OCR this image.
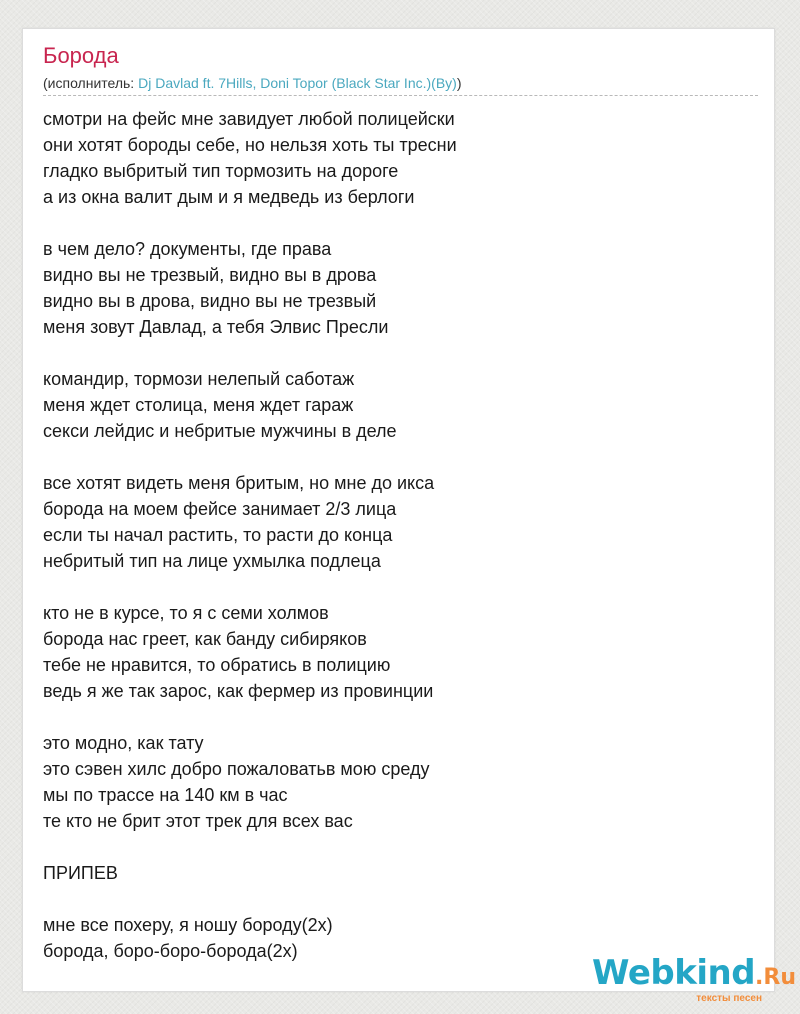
Борода
(исполнитель: Dj Davlad ft. 7Hills, Doni Topor (Black Star Inc.)(By))
смотри на фейс мне завидует любой полицейски
они хотят бороды себе, но нельзя хоть ты тресни
гладко выбритый тип тормозить на дороге
а из окна валит дым и я медведь из берлоги
в чем дело? документы, где права
видно вы не трезвый, видно вы в дрова
видно вы в дрова, видно вы не трезвый
меня зовут Давлад, а тебя Элвис Пресли
командир, тормози нелепый саботаж
меня ждет столица, меня ждет гараж
секси лейдис и небритые мужчины в деле
все хотят видеть меня бритым, но мне до икса
борода на моем фейсе занимает 2/3 лица
если ты начал растить, то расти до конца
небритый тип на лице ухмылка подлеца
кто не в курсе, то я с семи холмов
борода нас греет, как банду сибиряков
тебе не нравится, то обратись в полицию
ведь я же так зарос, как фермер из провинции
это модно, как тату
это сэвен хилс добро пожаловатьв мою среду
мы по трассе на 140 км в час
те кто не брит этот трек для всех вас
ПРИПЕВ
мне все похеру, я ношу бороду(2x)
борода, боро-боро-борода(2x)
Webkind.Ru
тексты песен
